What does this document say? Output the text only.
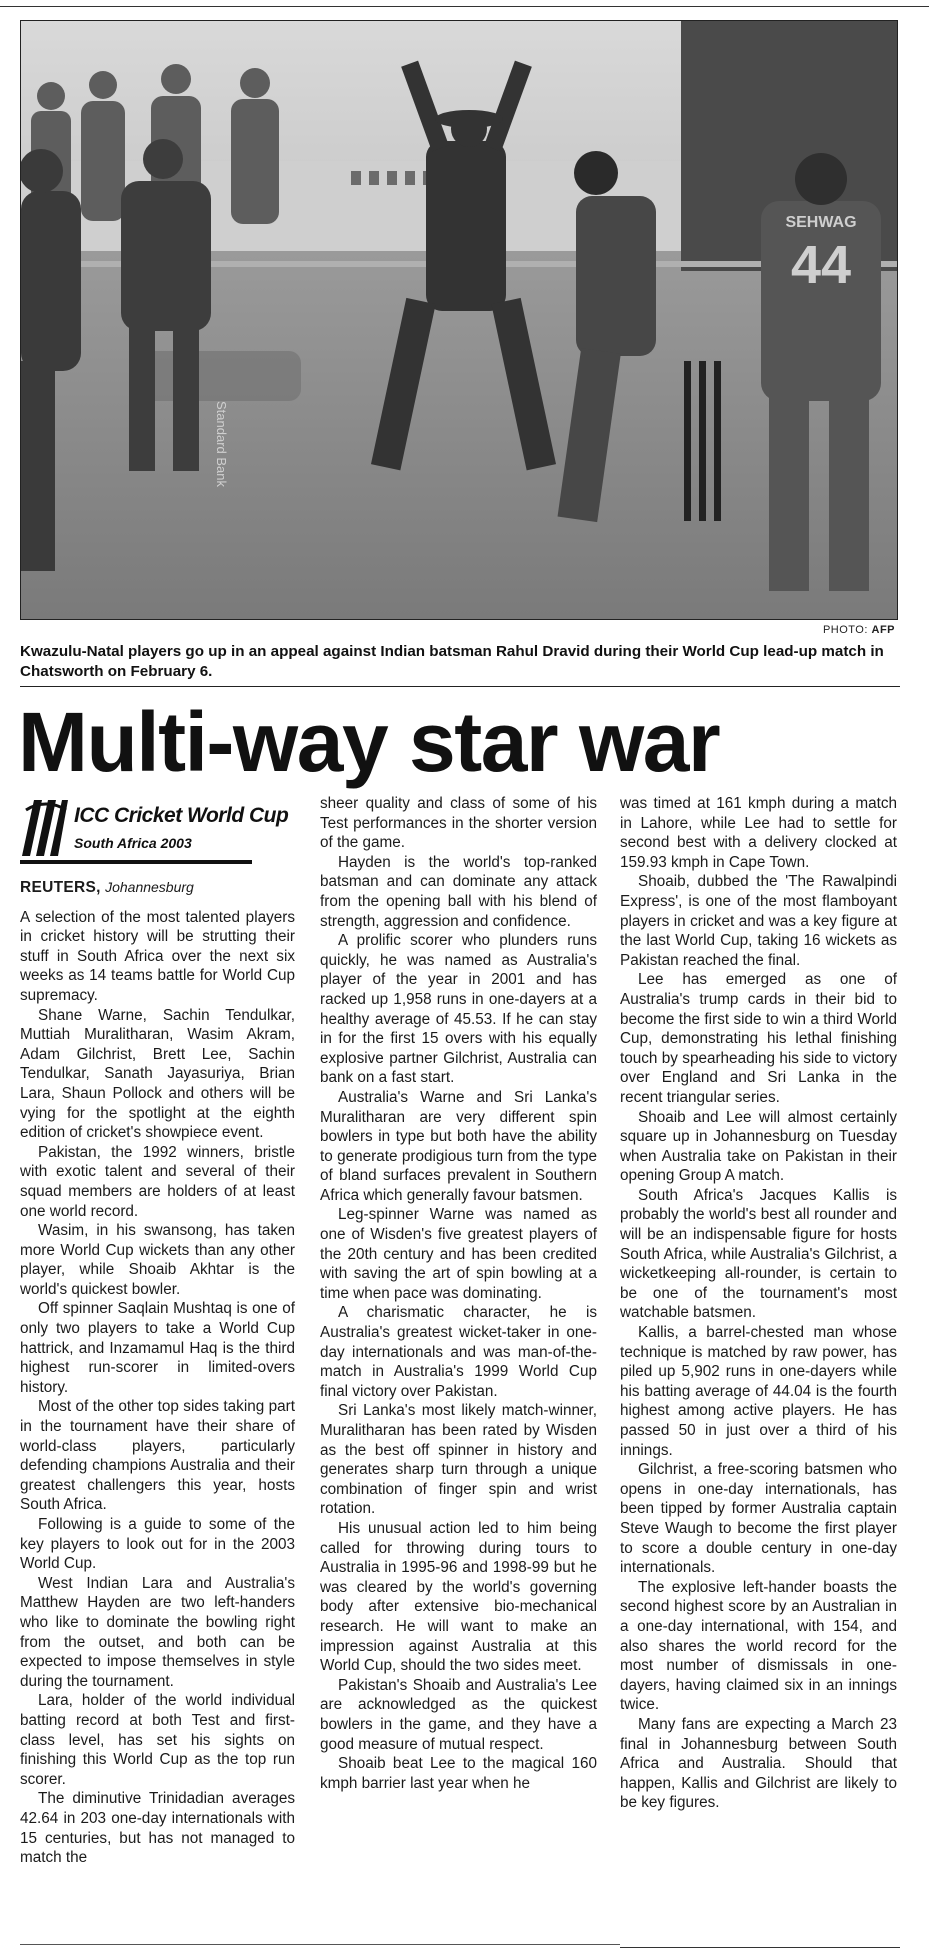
44
SEHWAG
Standard Bank
PHOTO: AFP
Kwazulu-Natal players go up in an appeal against Indian batsman Rahul Dravid during their World Cup lead-up match in Chatsworth on February 6.
Multi-way star war
ICC Cricket World Cup
South Africa 2003
REUTERS, Johannesburg

A selection of the most talented players in cricket history will be strutting their stuff in South Africa over the next six weeks as 14 teams battle for World Cup supremacy.

Shane Warne, Sachin Tendulkar, Muttiah Muralitharan, Wasim Akram, Adam Gilchrist, Brett Lee, Sachin Tendulkar, Sanath Jayasuriya, Brian Lara, Shaun Pollock and others will be vying for the spotlight at the eighth edition of cricket's showpiece event.

Pakistan, the 1992 winners, bristle with exotic talent and several of their squad members are holders of at least one world record.

Wasim, in his swansong, has taken more World Cup wickets than any other player, while Shoaib Akhtar is the world's quickest bowler.

Off spinner Saqlain Mushtaq is one of only two players to take a World Cup hattrick, and Inzamamul Haq is the third highest run-scorer in limited-overs history.

Most of the other top sides taking part in the tournament have their share of world-class players, particularly defending champions Australia and their greatest challengers this year, hosts South Africa.

Following is a guide to some of the key players to look out for in the 2003 World Cup.

West Indian Lara and Australia's Matthew Hayden are two left-handers who like to dominate the bowling right from the outset, and both can be expected to impose themselves in style during the tournament.

Lara, holder of the world individual batting record at both Test and first-class level, has set his sights on finishing this World Cup as the top run scorer.

The diminutive Trinidadian averages 42.64 in 203 one-day internationals with 15 centuries, but has not managed to match the

sheer quality and class of some of his Test performances in the shorter version of the game.

Hayden is the world's top-ranked batsman and can dominate any attack from the opening ball with his blend of strength, aggression and confidence.

A prolific scorer who plunders runs quickly, he was named as Australia's player of the year in 2001 and has racked up 1,958 runs in one-dayers at a healthy average of 45.53. If he can stay in for the first 15 overs with his equally explosive partner Gilchrist, Australia can bank on a fast start.

Australia's Warne and Sri Lanka's Muralitharan are very different spin bowlers in type but both have the ability to generate prodigious turn from the type of bland surfaces prevalent in Southern Africa which generally favour batsmen.

Leg-spinner Warne was named as one of Wisden's five greatest players of the 20th century and has been credited with saving the art of spin bowling at a time when pace was dominating.

A charismatic character, he is Australia's greatest wicket-taker in one-day internationals and was man-of-the-match in Australia's 1999 World Cup final victory over Pakistan.

Sri Lanka's most likely match-winner, Muralitharan has been rated by Wisden as the best off spinner in history and generates sharp turn through a unique combination of finger spin and wrist rotation.

His unusual action led to him being called for throwing during tours to Australia in 1995-96 and 1998-99 but he was cleared by the world's governing body after extensive bio-mechanical research. He will want to make an impression against Australia at this World Cup, should the two sides meet.

Pakistan's Shoaib and Australia's Lee are acknowledged as the quickest bowlers in the game, and they have a good measure of mutual respect.

Shoaib beat Lee to the magical 160 kmph barrier last year when he

was timed at 161 kmph during a match in Lahore, while Lee had to settle for second best with a delivery clocked at 159.93 kmph in Cape Town.

Shoaib, dubbed the 'The Rawalpindi Express', is one of the most flamboyant players in cricket and was a key figure at the last World Cup, taking 16 wickets as Pakistan reached the final.

Lee has emerged as one of Australia's trump cards in their bid to become the first side to win a third World Cup, demonstrating his lethal finishing touch by spearheading his side to victory over England and Sri Lanka in the recent triangular series.

Shoaib and Lee will almost certainly square up in Johannesburg on Tuesday when Australia take on Pakistan in their opening Group A match.

South Africa's Jacques Kallis is probably the world's best all rounder and will be an indispensable figure for hosts South Africa, while Australia's Gilchrist, a wicketkeeping all-rounder, is certain to be one of the tournament's most watchable batsmen.

Kallis, a barrel-chested man whose technique is matched by raw power, has piled up 5,902 runs in one-dayers while his batting average of 44.04 is the fourth highest among active players. He has passed 50 in just over a third of his innings.

Gilchrist, a free-scoring batsmen who opens in one-day internationals, has been tipped by former Australia captain Steve Waugh to become the first player to score a double century in one-day internationals.

The explosive left-hander boasts the second highest score by an Australian in a one-day international, with 154, and also shares the world record for the most number of dismissals in one-dayers, having claimed six in an innings twice.

Many fans are expecting a March 23 final in Johannesburg between South Africa and Australia. Should that happen, Kallis and Gilchrist are likely to be key figures.
